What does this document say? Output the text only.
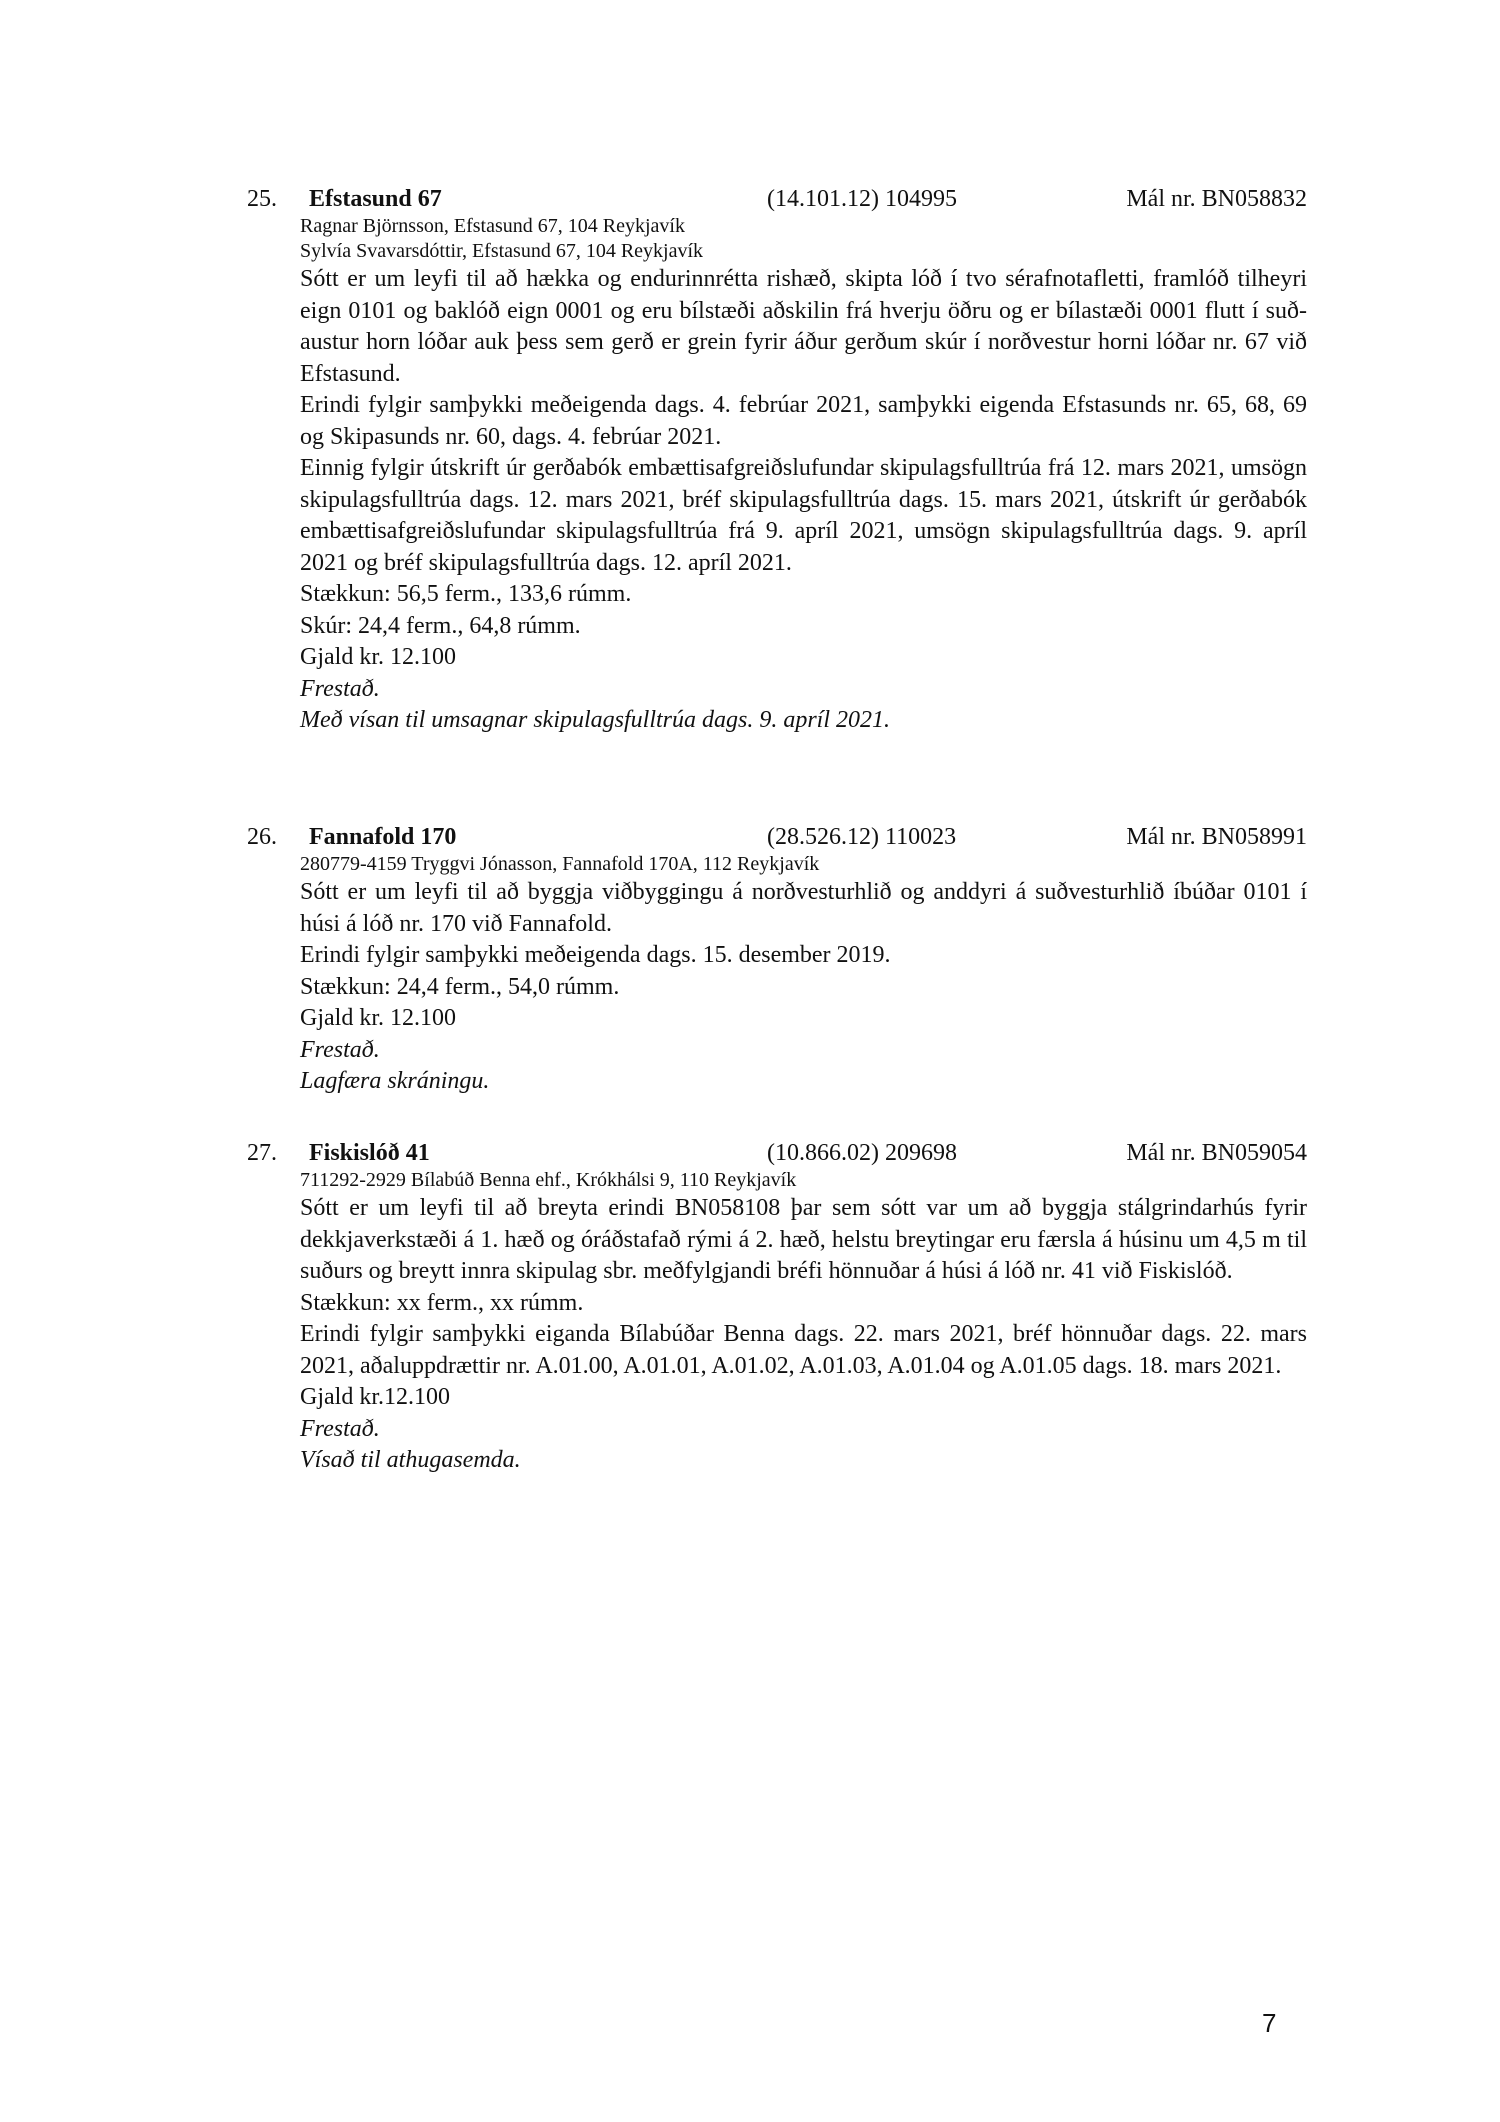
25. Efstasund 67	(14.101.12) 104995	Mál nr. BN058832
Ragnar Björnsson, Efstasund 67, 104 Reykjavík
Sylvía Svavarsdóttir, Efstasund 67, 104 Reykjavík
Sótt er um leyfi til að hækka og endurinnrétta rishæð, skipta lóð í tvo sérafnotafletti, framlóð tilheyri eign 0101 og baklóð eign 0001 og eru bílstæði aðskilin frá hverju öðru og er bílastæði 0001 flutt í suð-austur horn lóðar auk þess sem gerð er grein fyrir áður gerðum skúr í norðvestur horni lóðar nr. 67 við Efstasund.
Erindi fylgir samþykki meðeigenda dags. 4. febrúar 2021, samþykki eigenda Efstasunds nr. 65, 68, 69 og Skipasunds nr. 60, dags. 4. febrúar 2021.
Einnig fylgir útskrift úr gerðabók embættisafgreiðslufundar skipulagsfulltrúa frá 12. mars 2021, umsögn skipulagsfulltrúa dags. 12. mars 2021, bréf skipulagsfulltrúa dags. 15. mars 2021, útskrift úr gerðabók embættisafgreiðslufundar skipulagsfulltrúa frá 9. apríl 2021, umsögn skipulagsfulltrúa dags. 9. apríl 2021 og bréf skipulagsfulltrúa dags. 12. apríl 2021.
Stækkun: 56,5 ferm., 133,6 rúmm.
Skúr: 24,4 ferm., 64,8 rúmm.
Gjald kr. 12.100
Frestað.
Með vísan til umsagnar skipulagsfulltrúa dags. 9. apríl 2021.
26. Fannafold 170	(28.526.12) 110023	Mál nr. BN058991
280779-4159 Tryggvi Jónasson, Fannafold 170A, 112 Reykjavík
Sótt er um leyfi til að byggja viðbyggingu á norðvesturhlið og anddyri á suðvesturhlið íbúðar 0101 í húsi á lóð nr. 170 við Fannafold.
Erindi fylgir samþykki meðeigenda dags. 15. desember 2019.
Stækkun: 24,4 ferm., 54,0 rúmm.
Gjald kr. 12.100
Frestað.
Lagfæra skráningu.
27. Fiskislóð 41	(10.866.02) 209698	Mál nr. BN059054
711292-2929 Bílabúð Benna ehf., Krókhálsi 9, 110 Reykjavík
Sótt er um leyfi til að breyta erindi BN058108 þar sem sótt var um að byggja stálgrindarhús fyrir dekkjaverkstæði á 1. hæð og óráðstafað rými á 2. hæð, helstu breytingar eru færsla á húsinu um 4,5 m til suðurs og breytt innra skipulag sbr. meðfylgjandi bréfi hönnuðar á húsi á lóð nr. 41 við Fiskislóð.
Stækkun: xx ferm., xx rúmm.
Erindi fylgir samþykki eiganda Bílabúðar Benna dags. 22. mars 2021, bréf hönnuðar dags. 22. mars 2021, aðaluppdrættir nr. A.01.00, A.01.01, A.01.02, A.01.03, A.01.04 og A.01.05 dags. 18. mars 2021.
Gjald kr.12.100
Frestað.
Vísað til athugasemda.
7
